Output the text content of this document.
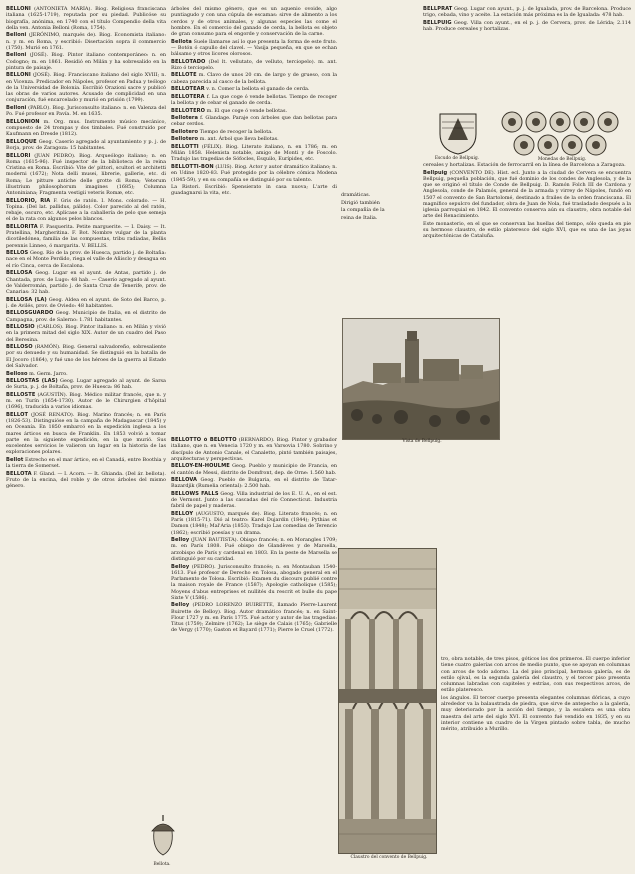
BELLONI (ANTONIETA MARÍA). Biog. Religiosa franciscana italiana (1625-1719), reputada por su piedad. Publicóse su biografía, anónima, en 1740 con el título Compendio della vita della ven. Antonia Belloni (Roma, 1754).

Belloni (JERÓNIMO, marqués de). Biog. Economista italiano: n. y m. en Roma, y escribió: Disertación sopra il commercio (1750). Murió en 1761.

Belloni (JOSÉ). Biog. Pintor italiano contemporáneo: n. en Codogno; m. en 1861. Residió en Milán y ha sobresalido en la pintura de paisaje.

BELLONI (JOSÉ). Biog. Franciscano italiano del siglo XVIII; n. en Vicenza. Predicador en Nápoles, profesor en Padua y teólogo de la Universidad de Bolonia. Escribió Orazioni sacre y publicó las obras de varios autores. Acusado de complicidad en una conjuración, fué encarcelado y murió en prisión (1799).

Belloni (PABLO). Biog. Jurisconsulto italiano: n. en Valenza del Po. Fué profesor en Pavía. M. en 1635.

BELLONION m. Org. mus. Instrumento músico mecánico, compuesto de 24 trompas y dos timbales. Fué construido por Kaufmann en Dresde (1812).

BELLOQUE Geog. Caserío agregado al ayuntamiento y p. j. de Borja, prov. de Zaragoza: 15 habitantes.

BELLORI (JUAN PEDRO). Biog. Arqueólogo italiano; n. en Roma (1615-96). Fué inspector de la biblioteca de la reina Cristina en Roma. Escribió: Vite de' pittori, scultori et architetti moderni (1672); Nota delli musei, librerie, gallerie, etc. di Roma; Le pitture antiche delle grotte di Roma; Veterum illustrium philosophorum imagines (1685); Columna Antoniniana; Fragmenta vestigii veteris Romæ, etc.

BELLORIO, RIA F. Gris de ratón. I. Mons. colorado. — H. Topina. (Del lat. pallidus, pálido). Color parecido al del ratón, rebaje, oscuro, etc. Aplícase a la caballería de pelo que semeja el de la rata con algunos pelos blancos.

BELLORITA F. Pasquerita. Petite marguerite. — I. Daisy. — It. Pratellina, Margheritina. F. Bot. Nombre vulgar de la planta dicotiledónea, familia de las compuestas, tribu radiadas, Bellis perennis Linneo, ó margarita. V. BELLIS.

BELLOS Geog. Río de la prov. de Huesca, partido j. de Boltaña: nace en el Monte Perdido, riega el valle de Añisclo y desagua en el río Cinca, cerca de Escalona.

BELLOSA Geog. Lugar en el ayunt. de Antas, partido j. de Chantada, prov. de Lugo: 48 hab. — Caserío agregado al ayunt. de Valderromán, partido j. de Santa Cruz de Tenerife, prov. de Canarias: 32 hab.

BELLOSA (LA) Geog. Aldea en el ayunt. de Soto del Barco, p. j. de Avilés, prov. de Oviedo: 48 habitantes.

BELLOSGUARDO Geog. Municipio de Italia, en el distrito de Campagna, prov. de Salerno: 1.781 habitantes.

BELLOSIO (CARLOS). Biog. Pintor italiano: n. en Milán y vivió en la primera mitad del siglo XIX. Autor de un cuadro del Paso del Beresina.

BELLOSO (RAMÓN). Biog. General salvadoreño, sobresaliente por su denuedo y su humanidad. Se distinguió en la batalla de El Jocoro (1864), y fué uno de los héroes de la guerra al Estado del Salvador.

Belloso m. Germ. Jarro.

BELLOSTAS (LAS) Geog. Lugar agregado al ayunt. de Sarsa de Surta, p. j. de Boltaña, prov. de Huesca: 86 hab.

BELLOSTE (AGUSTÍN). Biog. Médico militar francés, que n. y m. en Turín (1654-1730). Autor de le Chirurgien d'hôpital (1696), traducida a varios idiomas.

BELLOT (JOSÉ RENATO). Biog. Marino francés; n. en París (1826-53). Distinguióse en la campaña de Madagascar (1845) y en Oceanía. En 1850 embarcó en la expedición inglesa a los mares árticos en busca de Franklin. En 1853 volvió a tomar parte en la siguiente expedición, en la que murió. Sus excelentes servicios le valieron un lugar en la historia de las exploraciones polares.

Bellot Estrecho en el mar ártico, en el Canadá, entre Boothia y la tierra de Somerset.

BELLOTA F. Gland. — I. Acorn. — It. Ghianda. (Del ár. bellota). Fruto de la encina, del roble y de otros árboles del mismo género.

árboles del mismo género, que es un aquenio ovoide, algo puntiagudo y con una cúpula de escamas: sirve de alimento a los cerdos y de otros animales, y algunas especies las come el hombre. En el comercio del ganado de cerda, la bellota es objeto de gran consumo para el engorde y conservación de la carne.

Bellota Suele llamarse así lo que presenta la forma de este fruto. — Botón ó capullo del clavel. — Vasija pequeña, en que se echan bálsamo y otros licores olorosos.

BELLOTADO (Del lt. vellutato, de velluto, terciopelo). m. ant. Rizo ó terciopelo.

BELLOTE m. Clavo de unos 20 cm. de largo y de grueso, con la cabeza parecida al casco de la bellota.

BELLOTEAR v. n. Comer la bellota el ganado de cerda.

BELLOTERA f. La que coge ó vende bellotas. Tiempo de recoger la bellota y de cebar el ganado de cerda.

BELLOTERO m. El que coge ó vende bellotas.

Bellotera f. Glandage. Paraje con árboles que dan bellotas para cebar cerdos.

Bellotero Tiempo de recoger la bellota.

Bellotero m. ant. Árbol que lleva bellotas.

BELLOTTI (FÉLIX). Biog. Literato italiano, n. en 1786; m. en Milán 1858. Helenista notable, amigo de Monti y de Foscolo. Tradujo las tragedias de Sófocles, Esquilo, Eurípides, etc.

BELLOTTI-BON (LUIS). Biog. Actor y autor dramático italiano; n. en Udine 1820-83. Fué protegido por la célebre cómica Modena (1845-59), y en su compañía se distinguió por su talento.

La Ristori. Escribió: Spensierato in casa nuova; L'arte di guadagnarsi la vita, etc.	dramáticas.

Dirigió también

la compañía de la

reina de Italia.

BELLOTTO ó BELOTTO (BERNARDO). Biog. Pintor y grabador italiano, que n. en Venecia 1720 y m. en Varsovia 1780. Sobrino y discípulo de Antonio Canale, el Canaletto, pintó también paisajes, arquitecturas y perspectivas.

BELLOY-EN-HOULME Geog. Pueblo y municipio de Francia, en el cantón de Messi, distrito de Domfront, dep. de Orne: 1.560 hab.

BELLOVA Geog. Pueblo de Bulgaria, en el distrito de Tatar-Bazardjik (Rumelia oriental): 2.500 hab.

BELLOWS FALLS Geog. Villa industrial de los E. U. A., en el est. de Vermont. Junto a las cascadas del río Connecticut. Industria fabril de papel y maderas.

BELLOY (AUGUSTO, marqués de). Biog. Literato francés; n. en París (1815-71). Dió al teatro: Karel Dujardin (1844); Pythias et Damon (1848); Mal'Aria (1853). Tradujo Las comedias de Terencio (1862); escribió poesías y un drama.

Belloy (JUAN BAUTISTA). Obispo francés; n. en Morangles 1709; m. en París 1808. Fué obispo de Glandèves y de Marsella, arzobispo de París y cardenal en 1803. En la peste de Marsella se distinguió por su caridad.

Belloy (PEDRO). Jurisconsulto francés; n. en Montauban 1540-1613. Fué profesor de Derecho en Tolosa, abogado general en el Parlamento de Tolosa. Escribió: Examen du discours publié contre la maison royale de France (1587); Apologie catholique (1585); Moyens d'abus entreprises et nullités du rescrit et bulle du pape Sixte V (1586).

Belloy (PEDRO LORENZO BUIRETTE, llamado Pierre-Laurent Buirette de Belloy). Biog. Autor dramático francés; n. en Saint-Flour 1727 y m. en París 1775. Fué actor y autor de las tragedias: Titus (1759); Zelmire (1762); Le siège de Calais (1765); Gabrielle de Vergy (1770); Gaston et Bayard (1771); Pierre le Cruel (1772).

BELLPRAT Geog. Lugar con ayunt., p. j. de Igualada, prov. de Barcelona. Produce trigo, cebada, vino y aceite. La estación más próxima es la de Igualada: 478 hab.

BELLPUIG Geog. Villa con ayunt., en el p. j. de Cervera, prov. de Lérida; 2.114 hab. Produce cereales y hortalizas.

cereales y hortalizas. Estación de ferrocarril en la línea de Barcelona a Zaragoza.

Bellpuig (CONVENTO DE). Hist. ecl. Junto a la ciudad de Cervera se encuentra Bellpuig, pequeña población, que fué dominio de los condes de Anglesola, y de la que se originó el título de Conde de Bellpuig. D. Ramón Folch III de Cardona y Anglesola, conde de Palamós, general de la armada y virrey de Nápoles, fundó en 1507 el convento de San Bartolomé, destinado a frailes de la orden franciscana. El magnífico sepulcro del fundador, obra de Juan de Nola, fué trasladado después a la iglesia parroquial en 1842. El convento conserva aún su claustro, obra notable del arte del Renacimiento.

Este monasterio, en el que se conservan las huellas del tiempo, sólo queda en pie su hermoso claustro, de estilo plateresco del siglo XVI, que es una de las joyas arquitectónicas de Cataluña.

tro, obra notable, de tres pisos, góticos los dos primeros. El cuerpo inferior tiene cuatro galerías con arcos de medio punto, que se apoyan en columnas con arcos de todo adorno. La del piso principal, hermosa galería, es de estilo ojival, es la segunda galería del claustro, y el tercer piso presenta columnas labradas con capiteles y estrías, con sus respectivos arcos, de estilo plateresco.

los ángulos. El tercer cuerpo presenta elegantes columnas dóricas, a cuyo alrededor va la balaustrada de piedra, que sirve de antepecho a la galería, muy deteriorado por la acción del tiempo, y la escalera es una obra maestra del arte del siglo XVI. El convento fué vendido en 1835, y en su interior contiene un cuadro de la Virgen pintado sobre tabla, de mucho mérito, atribuido a Murillo.

Vista de Bellpuig.
Claustro del convento de Bellpuig.
Escudo de Bellpuig.	Monedas de Bellpuig.
Bellota.
